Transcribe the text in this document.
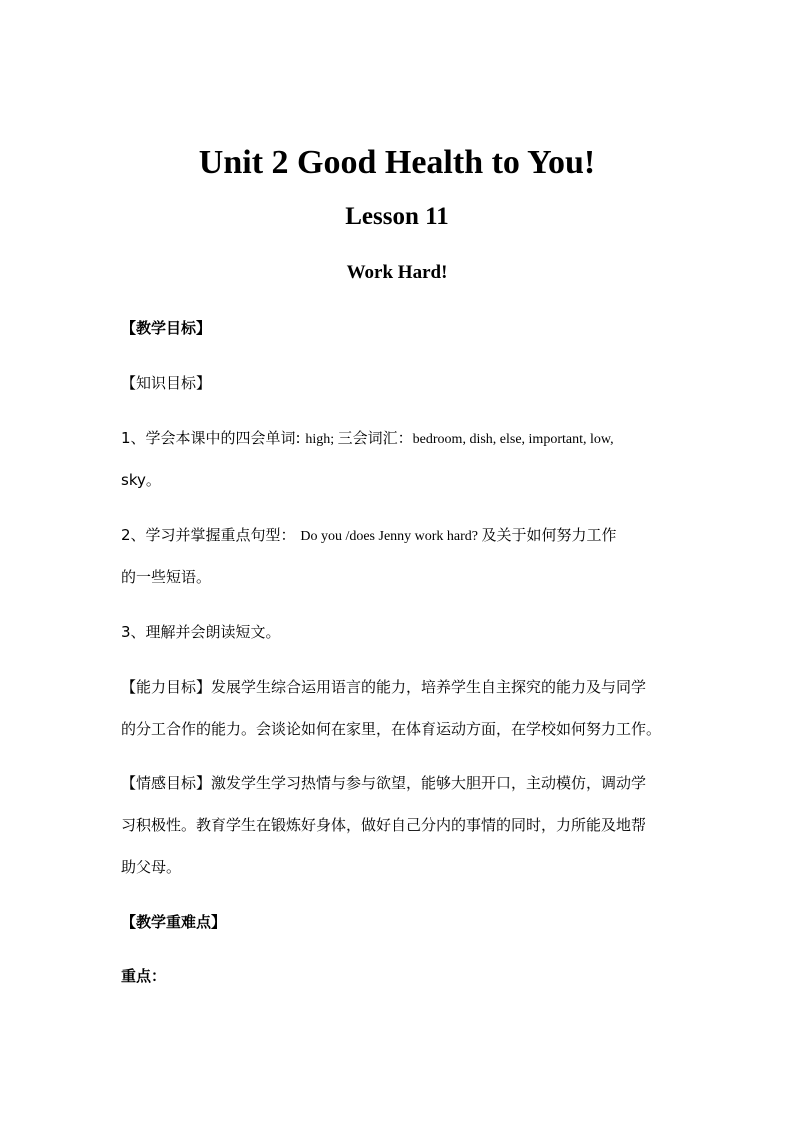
Unit 2 Good Health to You!
Lesson 11
Work Hard!
【教学目标】
【知识目标】
1、学会本课中的四会单词: high; 三会词汇：bedroom, dish, else, important, low,
sky。
2、学习并掌握重点句型： Do you /does Jenny work hard? 及关于如何努力工作
的一些短语。
3、理解并会朗读短文。
【能力目标】发展学生综合运用语言的能力，培养学生自主探究的能力及与同学
的分工合作的能力。会谈论如何在家里，在体育运动方面，在学校如何努力工作。
【情感目标】激发学生学习热情与参与欲望，能够大胆开口，主动模仿，调动学
习积极性。教育学生在锻炼好身体，做好自己分内的事情的同时，力所能及地帮
助父母。
【教学重难点】
重点：
